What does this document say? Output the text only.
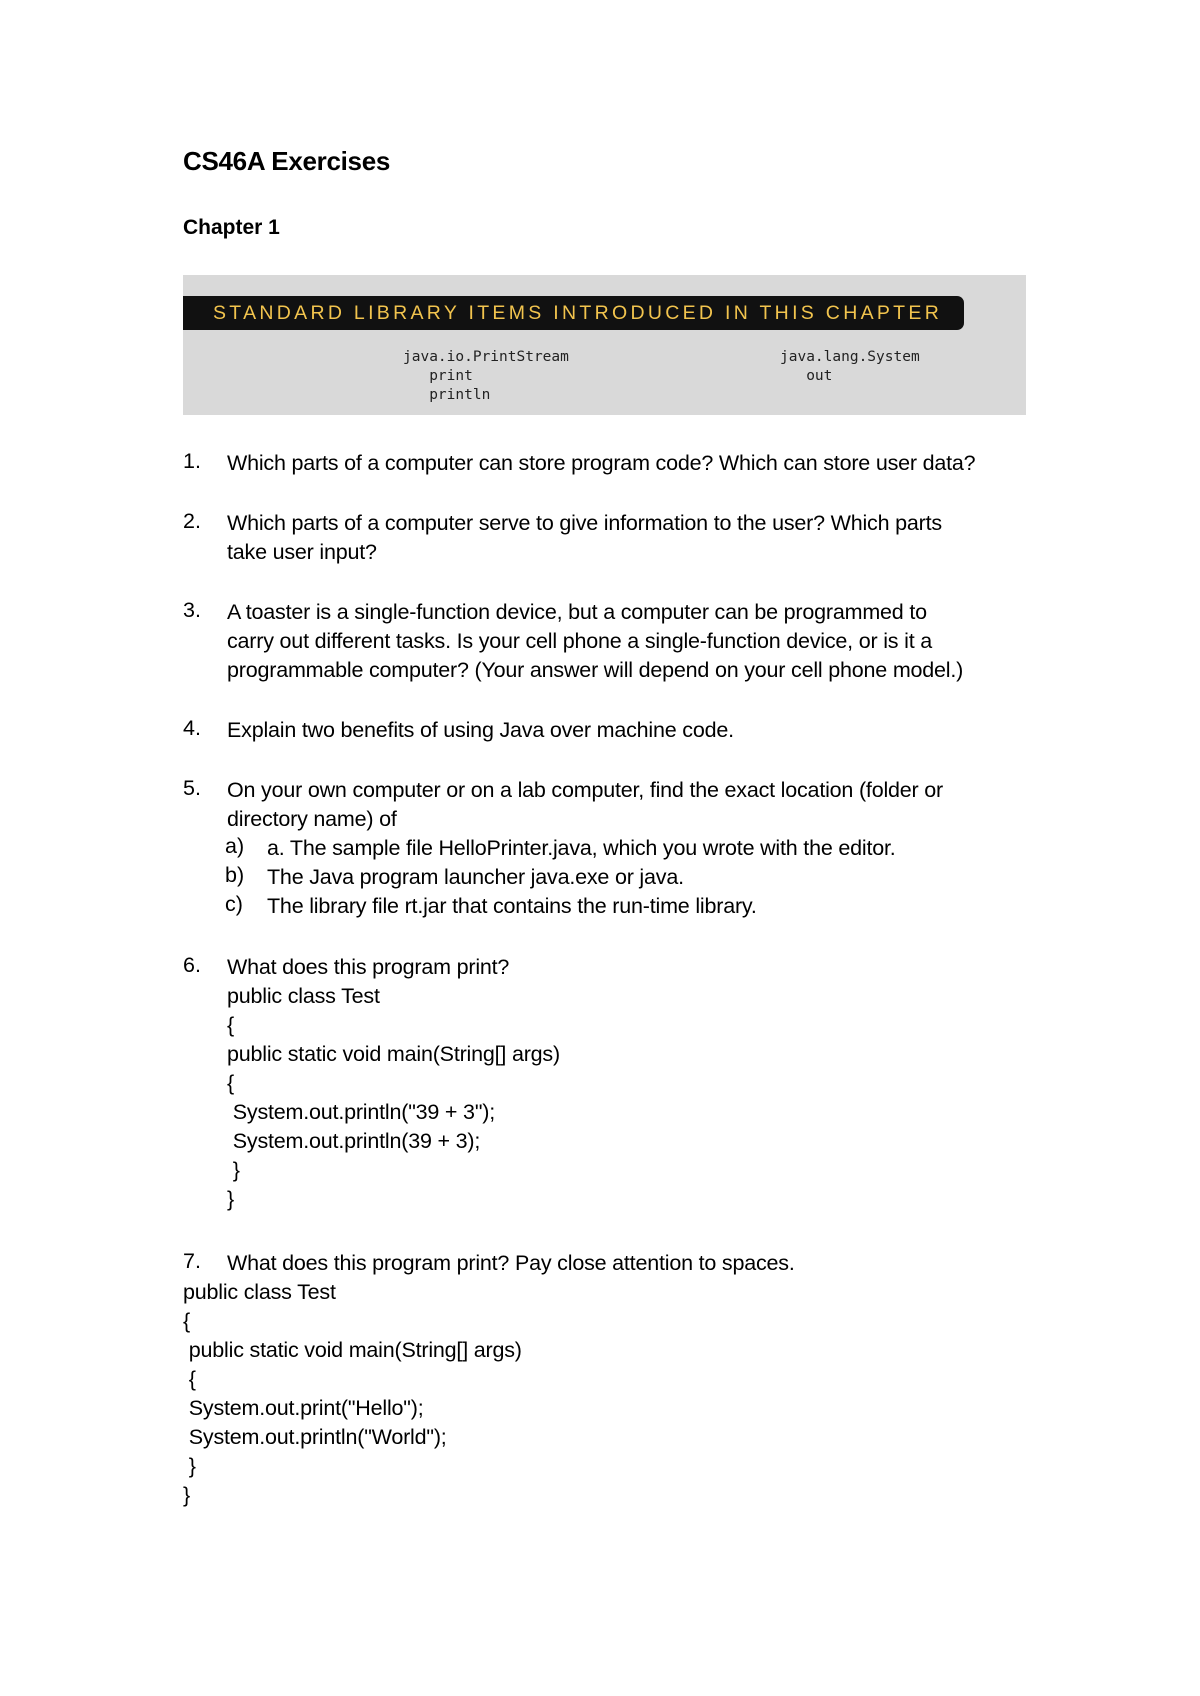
CS46A Exercises
Chapter 1
STANDARD LIBRARY ITEMS INTRODUCED IN THIS CHAPTER
java.io.PrintStream
print
println
java.lang.System
out
1. Which parts of a computer can store program code? Which can store user data?
2. Which parts of a computer serve to give information to the user? Which parts
take user input?
3. A toaster is a single-function device, but a computer can be programmed to
carry out different tasks. Is your cell phone a single-function device, or is it a
programmable computer? (Your answer will depend on your cell phone model.)
4. Explain two benefits of using Java over machine code.
5. On your own computer or on a lab computer, find the exact location (folder or
directory name) of
a) a. The sample file HelloPrinter.java, which you wrote with the editor.
b) The Java program launcher java.exe or java.
c) The library file rt.jar that contains the run-time library.
6. What does this program print?
public class Test
{
public static void main(String[] args)
{
System.out.println("39 + 3");
System.out.println(39 + 3);
}
}
7. What does this program print? Pay close attention to spaces.
public class Test
{
public static void main(String[] args)
{
System.out.print("Hello");
System.out.println("World");
}
}
